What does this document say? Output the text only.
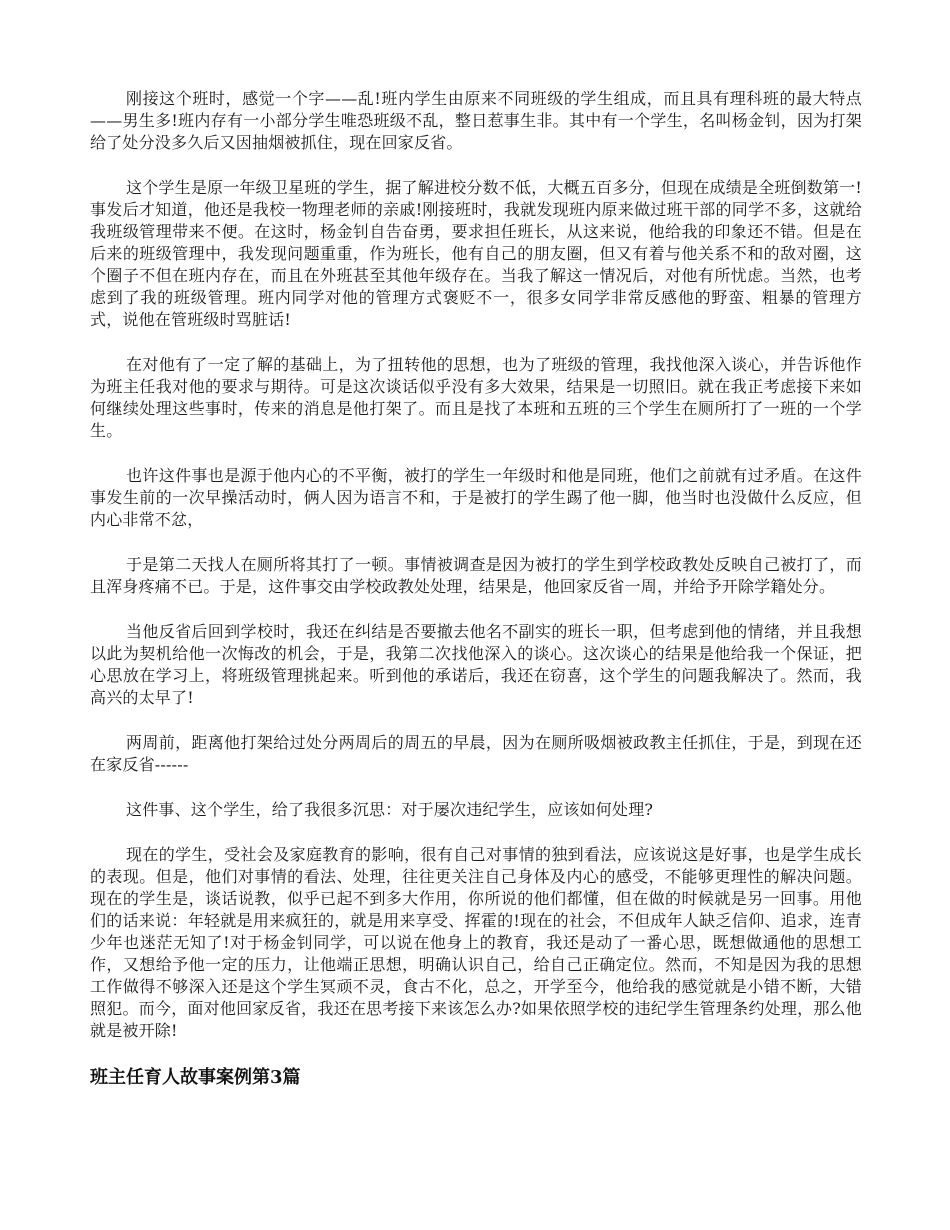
刚接这个班时，感觉一个字——乱!班内学生由原来不同班级的学生组成，而且具有理科班的最大特点——男生多!班内存有一小部分学生唯恐班级不乱，整日惹事生非。其中有一个学生，名叫杨金钊，因为打架给了处分没多久后又因抽烟被抓住，现在回家反省。

这个学生是原一年级卫星班的学生，据了解进校分数不低，大概五百多分，但现在成绩是全班倒数第一!事发后才知道，他还是我校一物理老师的亲戚!刚接班时，我就发现班内原来做过班干部的同学不多，这就给我班级管理带来不便。在这时，杨金钊自告奋勇，要求担任班长，从这来说，他给我的印象还不错。但是在后来的班级管理中，我发现问题重重，作为班长，他有自己的朋友圈，但又有着与他关系不和的敌对圈，这个圈子不但在班内存在，而且在外班甚至其他年级存在。当我了解这一情况后，对他有所忧虑。当然，也考虑到了我的班级管理。班内同学对他的管理方式褒贬不一，很多女同学非常反感他的野蛮、粗暴的管理方式，说他在管班级时骂脏话!

在对他有了一定了解的基础上，为了扭转他的思想，也为了班级的管理，我找他深入谈心，并告诉他作为班主任我对他的要求与期待。可是这次谈话似乎没有多大效果，结果是一切照旧。就在我正考虑接下来如何继续处理这些事时，传来的消息是他打架了。而且是找了本班和五班的三个学生在厕所打了一班的一个学生。

也许这件事也是源于他内心的不平衡，被打的学生一年级时和他是同班，他们之前就有过矛盾。在这件事发生前的一次早操活动时，俩人因为语言不和，于是被打的学生踢了他一脚，他当时也没做什么反应，但内心非常不忿，

于是第二天找人在厕所将其打了一顿。事情被调查是因为被打的学生到学校政教处反映自己被打了，而且浑身疼痛不已。于是，这件事交由学校政教处处理，结果是，他回家反省一周，并给予开除学籍处分。

当他反省后回到学校时，我还在纠结是否要撤去他名不副实的班长一职，但考虑到他的情绪，并且我想以此为契机给他一次悔改的机会，于是，我第二次找他深入的谈心。这次谈心的结果是他给我一个保证，把心思放在学习上，将班级管理挑起来。听到他的承诺后，我还在窃喜，这个学生的问题我解决了。然而，我高兴的太早了!

两周前，距离他打架给过处分两周后的周五的早晨，因为在厕所吸烟被政教主任抓住，于是，到现在还在家反省------

这件事、这个学生，给了我很多沉思：对于屡次违纪学生，应该如何处理?

现在的学生，受社会及家庭教育的影响，很有自己对事情的独到看法，应该说这是好事，也是学生成长的表现。但是，他们对事情的看法、处理，往往更关注自己身体及内心的感受，不能够更理性的解决问题。现在的学生是，谈话说教，似乎已起不到多大作用，你所说的他们都懂，但在做的时候就是另一回事。用他们的话来说：年轻就是用来疯狂的，就是用来享受、挥霍的!现在的社会，不但成年人缺乏信仰、追求，连青少年也迷茫无知了!对于杨金钊同学，可以说在他身上的教育，我还是动了一番心思，既想做通他的思想工作，又想给予他一定的压力，让他端正思想，明确认识自己，给自己正确定位。然而，不知是因为我的思想工作做得不够深入还是这个学生冥顽不灵，食古不化，总之，开学至今，他给我的感觉就是小错不断，大错照犯。而今，面对他回家反省，我还在思考接下来该怎么办?如果依照学校的违纪学生管理条约处理，那么他就是被开除!

班主任育人故事案例第3篇
